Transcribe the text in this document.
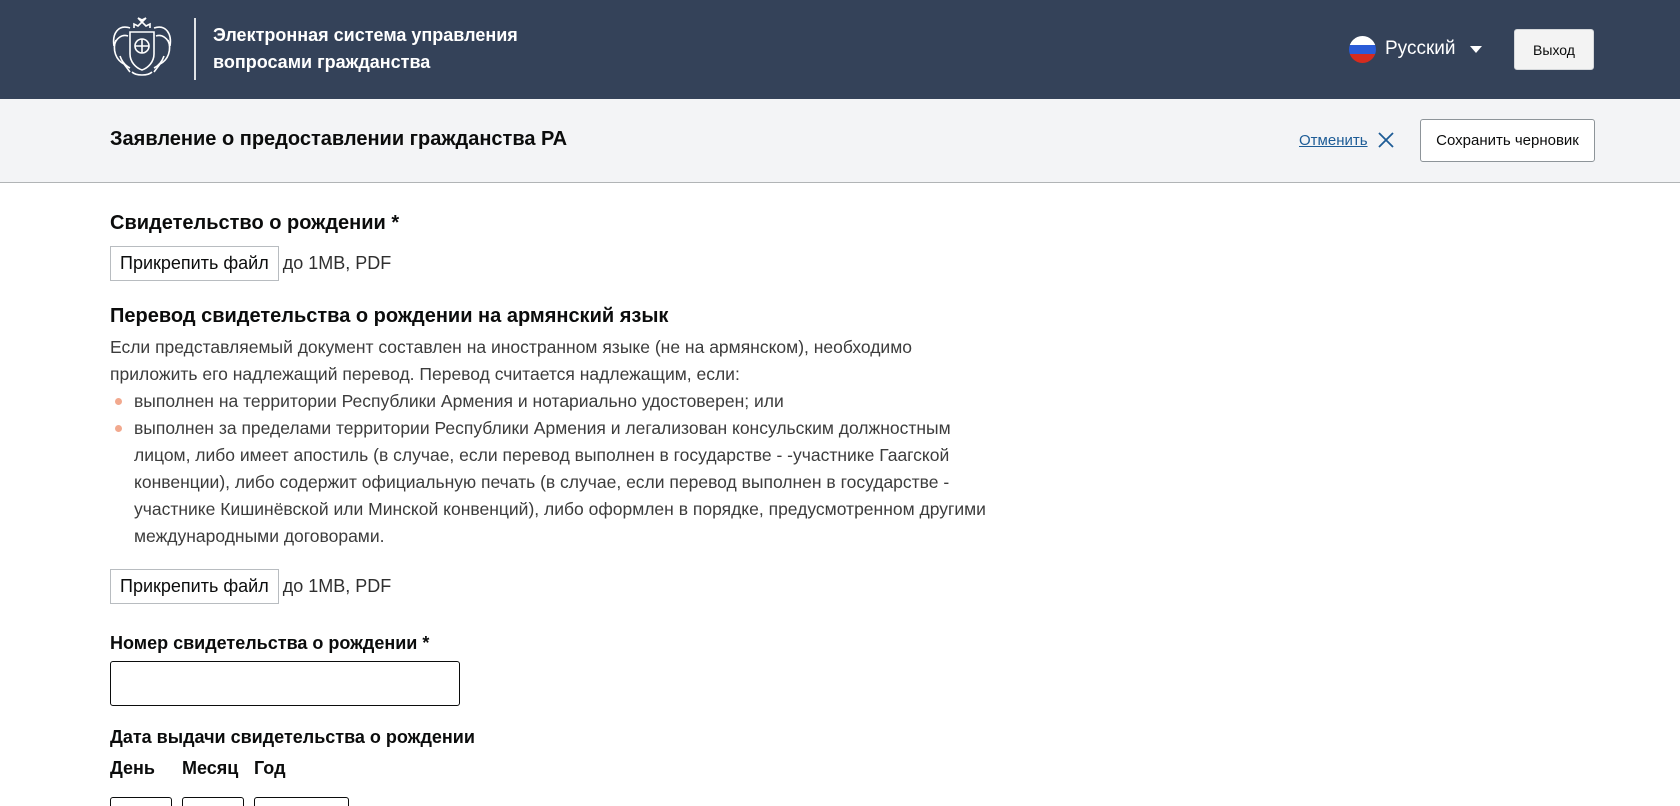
Электронная система управления
вопросами гражданства
Русский	Выход
Заявление о предоставлении гражданства РА	Отменить	Сохранить черновик
Свидетельство о рождении *
Прикрепить файл до 1MB, PDF
Перевод свидетельства о рождении на армянский язык
Если представляемый документ составлен на иностранном языке (не на армянском), необходимо
приложить его надлежащий перевод. Перевод считается надлежащим, если:
выполнен на территории Республики Армения и нотариально удостоверен; или
выполнен за пределами территории Республики Армения и легализован консульским должностным
лицом, либо имеет апостиль (в случае, если перевод выполнен в государстве - -участнике Гаагской
конвенции), либо содержит официальную печать (в случае, если перевод выполнен в государстве -
участнике Кишинёвской или Минской конвенций), либо оформлен в порядке, предусмотренном другими
международными договорами.
Прикрепить файл до 1MB, PDF
Номер свидетельства о рождении *
Дата выдачи свидетельства о рождении
День Месяц Год
